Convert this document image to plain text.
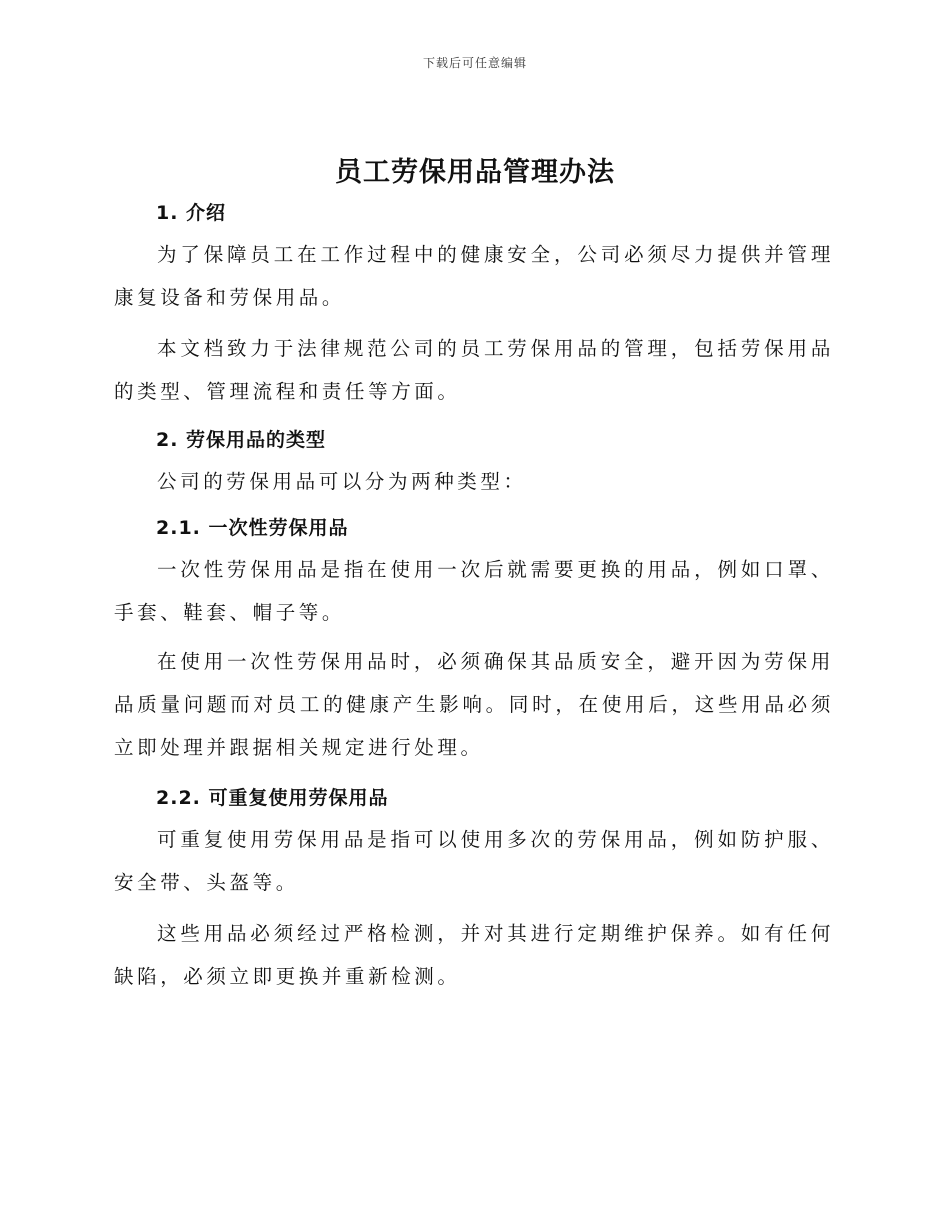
下载后可任意编辑
员工劳保用品管理办法
1. 介绍

为了保障员工在工作过程中的健康安全，公司必须尽力提供并管理康复设备和劳保用品。

本文档致力于法律规范公司的员工劳保用品的管理，包括劳保用品的类型、管理流程和责任等方面。

2. 劳保用品的类型

公司的劳保用品可以分为两种类型：

2.1. 一次性劳保用品

一次性劳保用品是指在使用一次后就需要更换的用品，例如口罩、手套、鞋套、帽子等。

在使用一次性劳保用品时，必须确保其品质安全，避开因为劳保用品质量问题而对员工的健康产生影响。同时，在使用后，这些用品必须立即处理并跟据相关规定进行处理。

2.2. 可重复使用劳保用品

可重复使用劳保用品是指可以使用多次的劳保用品，例如防护服、安全带、头盔等。

这些用品必须经过严格检测，并对其进行定期维护保养。如有任何缺陷，必须立即更换并重新检测。
